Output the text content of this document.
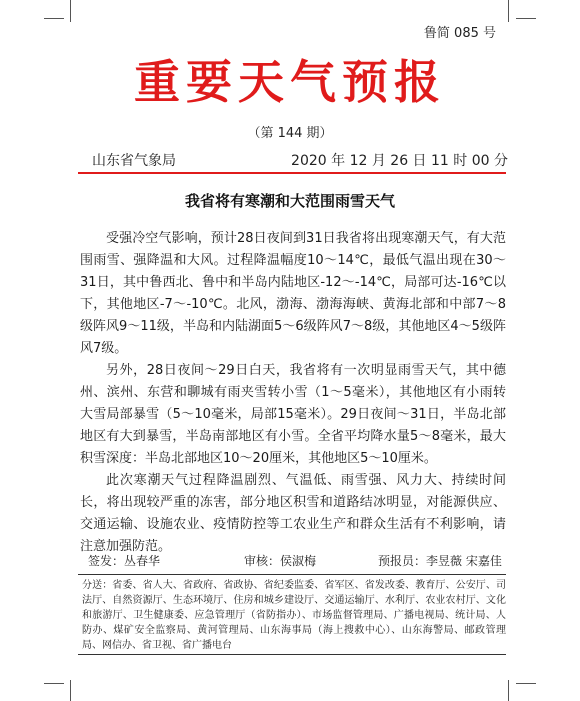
鲁简 085 号
重要天气预报
（第 144 期）
山东省气象局	2020 年 12 月 26 日 11 时 00 分
我省将有寒潮和大范围雨雪天气

受强冷空气影响，预计28日夜间到31日我省将出现寒潮天气，有大范围雨雪、强降温和大风。过程降温幅度10～14℃，最低气温出现在30～31日，其中鲁西北、鲁中和半岛内陆地区-12～-14℃，局部可达-16℃以下，其他地区-7～-10℃。北风，渤海、渤海海峡、黄海北部和中部7～8级阵风9～11级，半岛和内陆湖面5～6级阵风7～8级，其他地区4～5级阵风7级。

另外，28日夜间～29日白天，我省将有一次明显雨雪天气，其中德州、滨州、东营和聊城有雨夹雪转小雪（1～5毫米），其他地区有小雨转大雪局部暴雪（5～10毫米，局部15毫米）。29日夜间～31日，半岛北部地区有大到暴雪，半岛南部地区有小雪。全省平均降水量5～8毫米，最大积雪深度：半岛北部地区10～20厘米，其他地区5～10厘米。

此次寒潮天气过程降温剧烈、气温低、雨雪强、风力大、持续时间长，将出现较严重的冻害，部分地区积雪和道路结冰明显，对能源供应、交通运输、设施农业、疫情防控等工农业生产和群众生活有不利影响，请注意加强防范。

签发：丛春华	审核：侯淑梅	预报员：李昱薇 宋嘉佳
分送：省委、省人大、省政府、省政协、省纪委监委、省军区、省发改委、教育厅、公安厅、司法厅、自然资源厅、生态环境厅、住房和城乡建设厅、交通运输厅、水利厅、农业农村厅、文化和旅游厅、卫生健康委、应急管理厅（省防指办）、市场监督管理局、广播电视局、统计局、人防办、煤矿安全监察局、黄河管理局、山东海事局（海上搜救中心）、山东海警局、邮政管理局、网信办、省卫视、省广播电台
